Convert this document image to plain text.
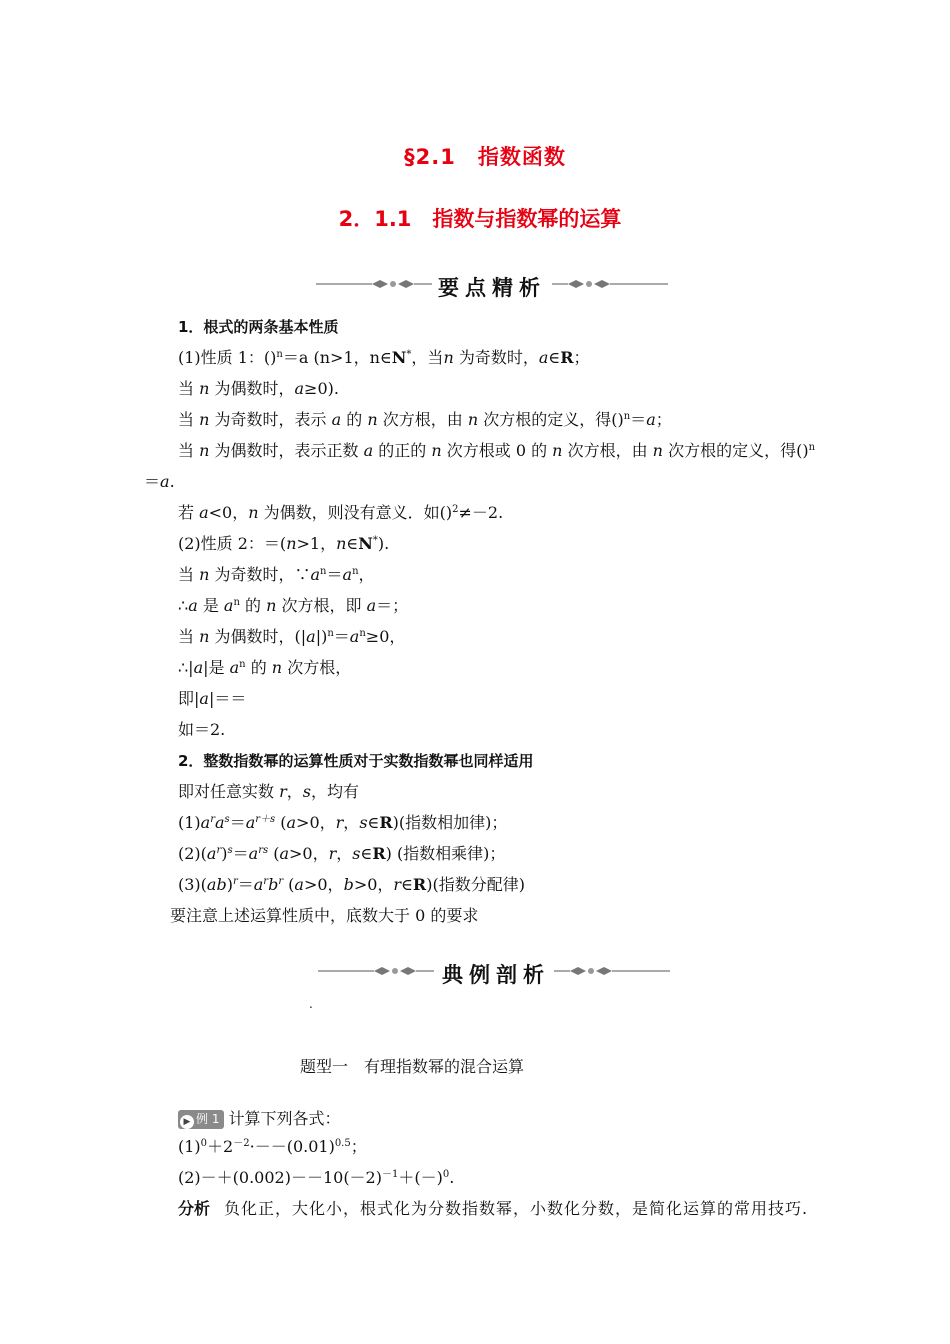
§2.1　指数函数
2．1.1　指数与指数幂的运算
要点精析
1．根式的两条基本性质
(1)性质 1：()$^n$＝a (n>1，n∈N*，当n 为奇数时，a∈R；
当 n 为偶数时，a≥0).
当 n 为奇数时，表示 a 的 n 次方根，由 n 次方根的定义，得()$^n$＝a；
当 n 为偶数时，表示正数 a 的正的 n 次方根或 0 的 n 次方根，由 n 次方根的定义，得()$^n$
＝a.
若 a<0，n 为偶数，则没有意义．如()$^2$≠－2.
(2)性质 2：＝(n>1，n∈N*).
当 n 为奇数时，$\because a^n=a^n$，
∴a 是 $a^n$ 的 n 次方根，即 a＝；
当 n 为偶数时，$(|a|)^n=a^n\ge 0$，
∴|a|是 $a^n$ 的 n 次方根，
即|a|＝＝
如＝2.
2．整数指数幂的运算性质对于实数指数幂也同样适用
即对任意实数 r，s，均有
$(1)a^ra^s=a^{r+s}$ (a>0，r，s∈R)(指数相加律)；
$(2)(a^r)^s=a^{rs}$ (a>0，r，s∈R) (指数相乘律)；
$(3)(ab)^r=a^rb^r$ (a>0，b>0，r∈R)(指数分配律)
要注意上述运算性质中，底数大于 0 的要求
典例剖析
.
题型一　有理指数幂的混合运算
▶ 例 1 计算下列各式：
$(1)^0+2^{-2}\cdot--(0.01)^{0.5}$；
$(2)-+(0.002)--10(-2)^{-1}+(-)^0$.
分析 负化正，大化小，根式化为分数指数幂，小数化分数，是简化运算的常用技巧.
